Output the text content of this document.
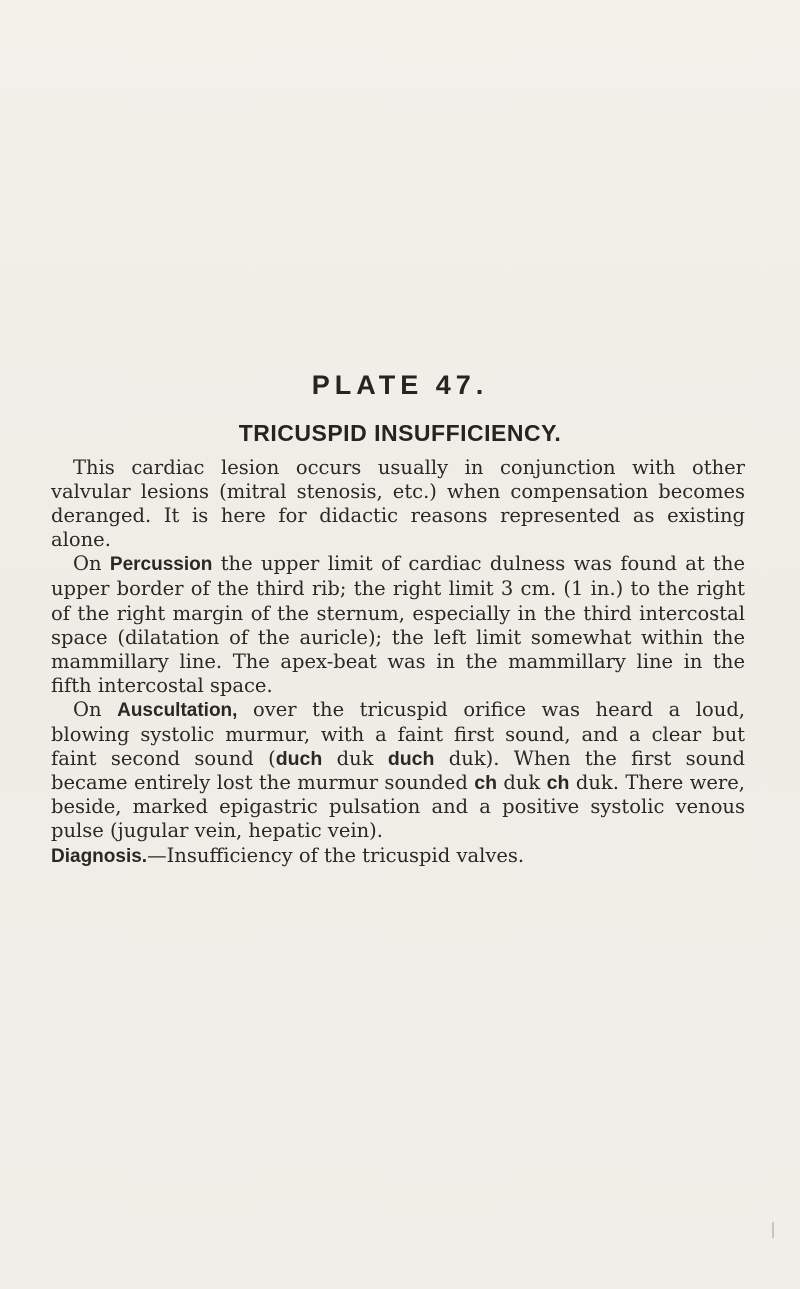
PLATE 47.
TRICUSPID INSUFFICIENCY.

This cardiac lesion occurs usually in conjunction with other valvular lesions (mitral stenosis, etc.) when compensation becomes deranged. It is here for didactic reasons represented as existing alone.

On Percussion the upper limit of cardiac dulness was found at the upper border of the third rib; the right limit 3 cm. (1 in.) to the right of the right margin of the sternum, especially in the third intercostal space (dilatation of the auricle); the left limit somewhat within the mammillary line. The apex-beat was in the mammillary line in the fifth intercostal space.

On Auscultation, over the tricuspid orifice was heard a loud, blowing systolic murmur, with a faint first sound, and a clear but faint second sound (duch duk duch duk). When the first sound became entirely lost the murmur sounded ch duk ch duk. There were, beside, marked epigastric pulsation and a positive systolic venous pulse (jugular vein, hepatic vein).

Diagnosis.—Insufficiency of the tricuspid valves.
